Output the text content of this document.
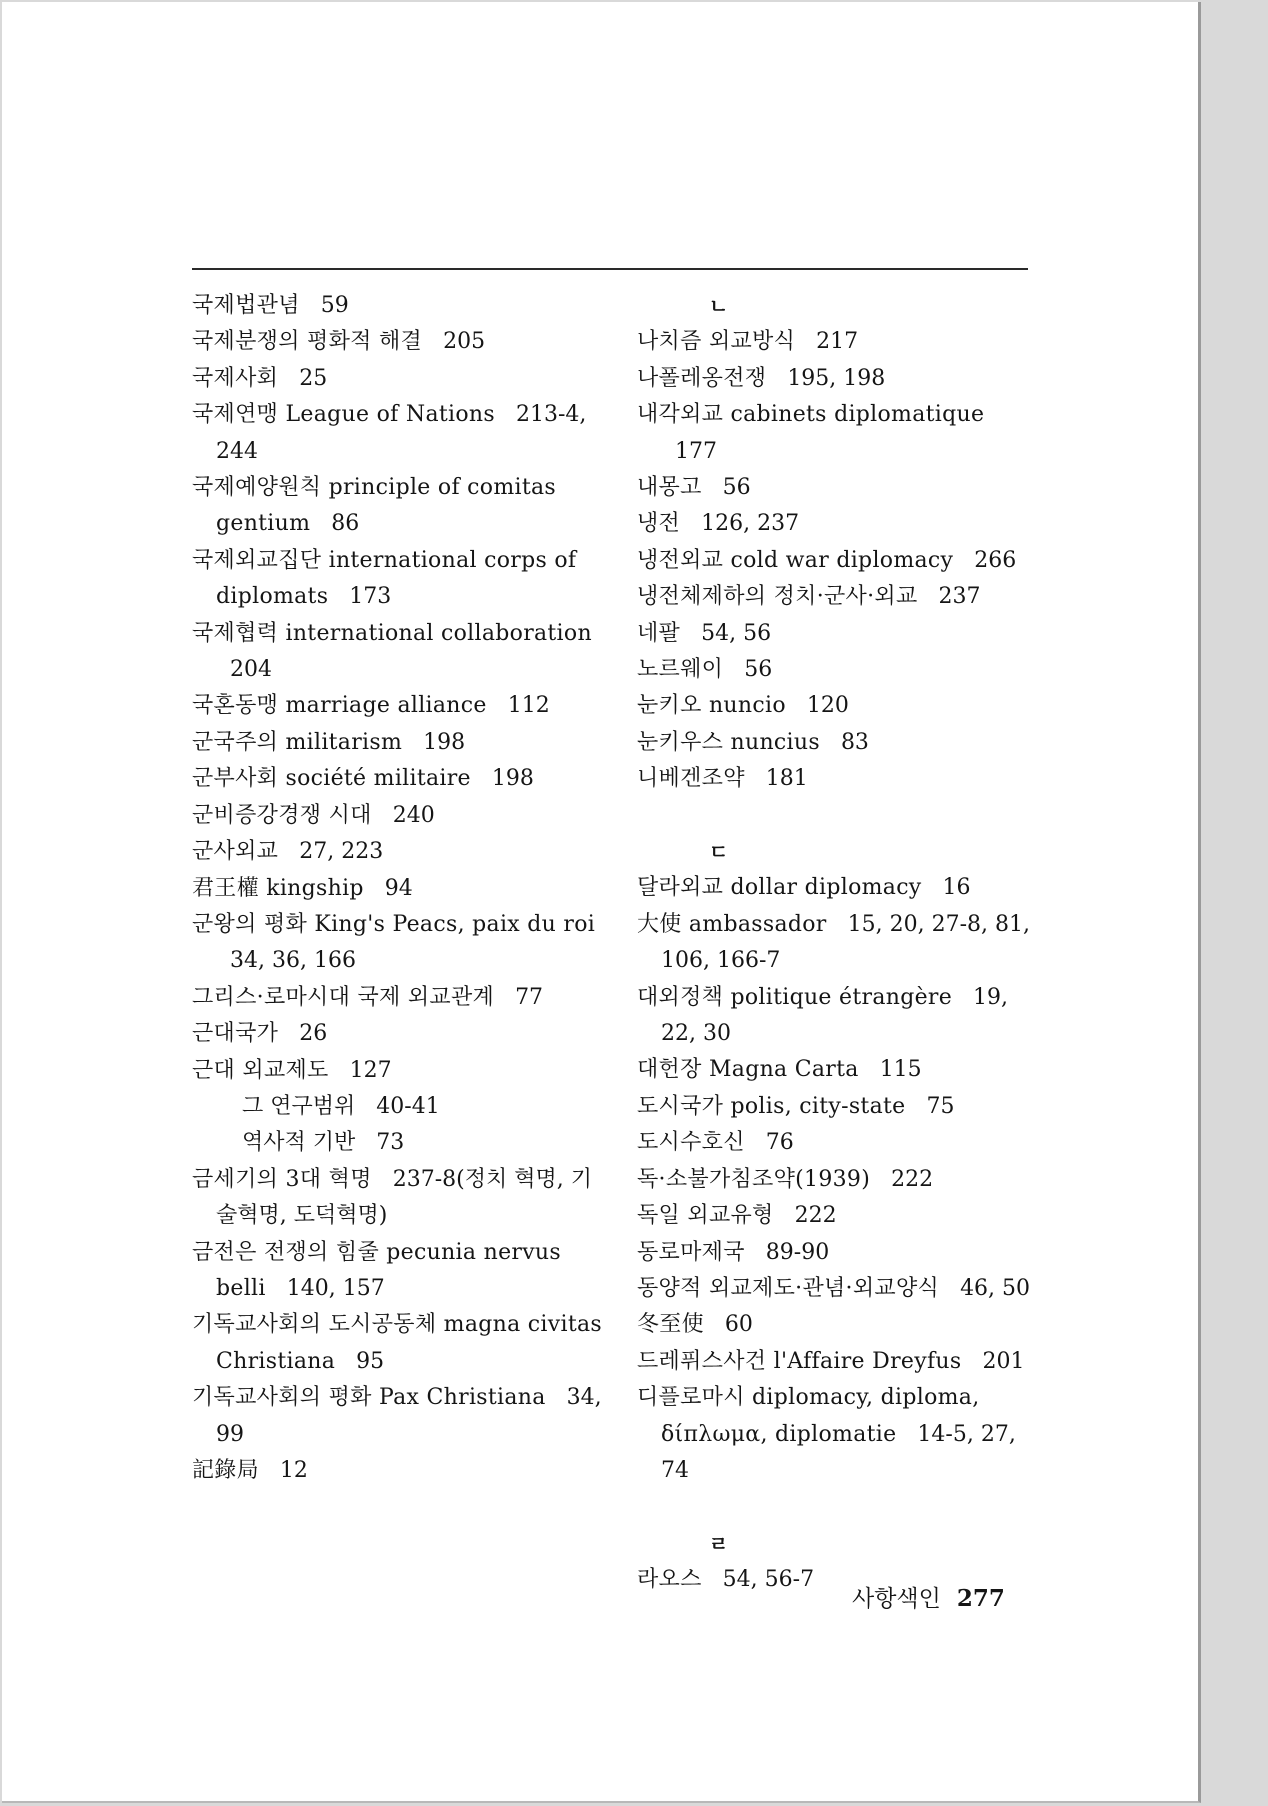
국제법관념 59

국제분쟁의 평화적 해결 205

국제사회 25

국제연맹 League of Nations 213-4, 244

국제예양원칙 principle of comitas gentium 86

국제외교집단 international corps of diplomats 173

국제협력 international collaboration 204

국혼동맹 marriage alliance 112

군국주의 militarism 198

군부사회 société militaire 198

군비증강경쟁 시대 240

군사외교 27, 223

君王權 kingship 94

군왕의 평화 King's Peacs, paix du roi 34, 36, 166

그리스·로마시대 국제 외교관계 77

근대국가 26

근대 외교제도 127

그 연구범위 40-41

역사적 기반 73

금세기의 3대 혁명 237-8(정치 혁명, 기술혁명, 도덕혁명)

금전은 전쟁의 힘줄 pecunia nervus belli 140, 157

기독교사회의 도시공동체 magna civitas Christiana 95

기독교사회의 평화 Pax Christiana 34, 99

記錄局 12

ㄴ

나치즘 외교방식 217

나폴레옹전쟁 195, 198

내각외교 cabinets diplomatique 177

내몽고 56

냉전 126, 237

냉전외교 cold war diplomacy 266

냉전체제하의 정치·군사·외교 237

네팔 54, 56

노르웨이 56

눈키오 nuncio 120

눈키우스 nuncius 83

니베겐조약 181

ㄷ

달라외교 dollar diplomacy 16

大使 ambassador 15, 20, 27-8, 81, 106, 166-7

대외정책 politique étrangère 19, 22, 30

대헌장 Magna Carta 115

도시국가 polis, city-state 75

도시수호신 76

독·소불가침조약(1939) 222

독일 외교유형 222

동로마제국 89-90

동양적 외교제도·관념·외교양식 46, 50

冬至使 60

드레퓌스사건 l'Affaire Dreyfus 201

디플로마시 diplomacy, diploma, δίπλωμα, diplomatie 14-5, 27, 74

ㄹ

라오스 54, 56-7

사항색인 277
